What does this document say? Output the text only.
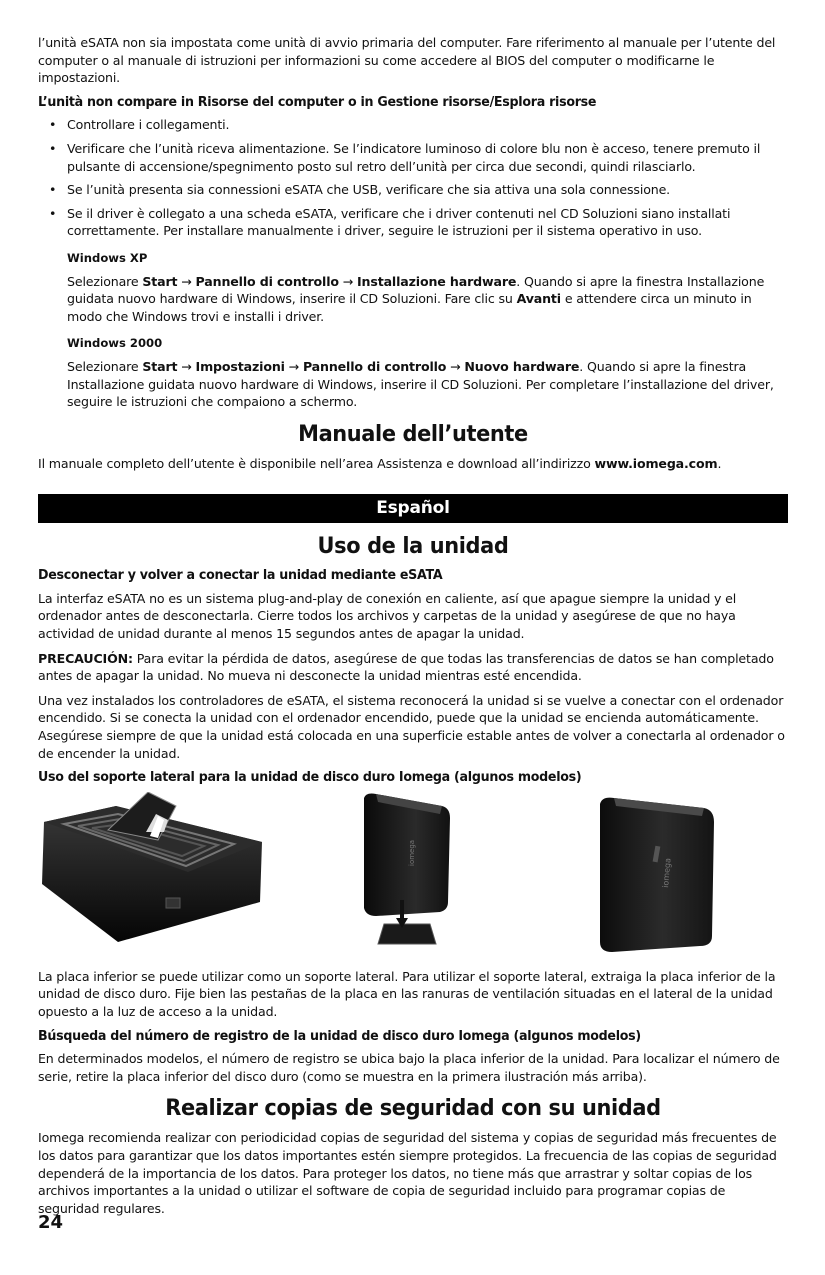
l’unità eSATA non sia impostata come unità di avvio primaria del computer. Fare riferimento al manuale per l’utente del computer o al manuale di istruzioni per informazioni su come accedere al BIOS del computer o modificarne le impostazioni.

L’unità non compare in Risorse del computer o in Gestione risorse/Esplora risorse
• Controllare i collegamenti.
• Verificare che l’unità riceva alimentazione. Se l’indicatore luminoso di colore blu non è acceso, tenere premuto il pulsante di accensione/spegnimento posto sul retro dell’unità per circa due secondi, quindi rilasciarlo.
• Se l’unità presenta sia connessioni eSATA che USB, verificare che sia attiva una sola connessione.
• Se il driver è collegato a una scheda eSATA, verificare che i driver contenuti nel CD Soluzioni siano installati correttamente. Per installare manualmente i driver, seguire le istruzioni per il sistema operativo in uso.
Windows XP

Selezionare Start → Pannello di controllo → Installazione hardware. Quando si apre la finestra Installazione guidata nuovo hardware di Windows, inserire il CD Soluzioni. Fare clic su Avanti e attendere circa un minuto in modo che Windows trovi e installi i driver.

Windows 2000

Selezionare Start → Impostazioni → Pannello di controllo → Nuovo hardware. Quando si apre la finestra Installazione guidata nuovo hardware di Windows, inserire il CD Soluzioni. Per completare l’installazione del driver, seguire le istruzioni che compaiono a schermo.

Manuale dell’utente

Il manuale completo dell’utente è disponibile nell’area Assistenza e download all’indirizzo www.iomega.com.

Español
Uso de la unidad
Desconectar y volver a conectar la unidad mediante eSATA

La interfaz eSATA no es un sistema plug-and-play de conexión en caliente, así que apague siempre la unidad y el ordenador antes de desconectarla. Cierre todos los archivos y carpetas de la unidad y asegúrese de que no haya actividad de unidad durante al menos 15 segundos antes de apagar la unidad.

PRECAUCIÓN: Para evitar la pérdida de datos, asegúrese de que todas las transferencias de datos se han completado antes de apagar la unidad. No mueva ni desconecte la unidad mientras esté encendida.

Una vez instalados los controladores de eSATA, el sistema reconocerá la unidad si se vuelve a conectar con el ordenador encendido. Si se conecta la unidad con el ordenador encendido, puede que la unidad se encienda automáticamente. Asegúrese siempre de que la unidad está colocada en una superficie estable antes de volver a conectarla al ordenador o de encender la unidad.

Uso del soporte lateral para la unidad de disco duro Iomega (algunos modelos)
iomega
iomega

La placa inferior se puede utilizar como un soporte lateral. Para utilizar el soporte lateral, extraiga la placa inferior de la unidad de disco duro. Fije bien las pestañas de la placa en las ranuras de ventilación situadas en el lateral de la unidad opuesto a la luz de acceso a la unidad.

Búsqueda del número de registro de la unidad de disco duro Iomega (algunos modelos)

En determinados modelos, el número de registro se ubica bajo la placa inferior de la unidad. Para localizar el número de serie, retire la placa inferior del disco duro (como se muestra en la primera ilustración más arriba).

Realizar copias de seguridad con su unidad

Iomega recomienda realizar con periodicidad copias de seguridad del sistema y copias de seguridad más frecuentes de los datos para garantizar que los datos importantes estén siempre protegidos. La frecuencia de las copias de seguridad dependerá de la importancia de los datos. Para proteger los datos, no tiene más que arrastrar y soltar copias de los archivos importantes a la unidad o utilizar el software de copia de seguridad incluido para programar copias de seguridad regulares.

24
